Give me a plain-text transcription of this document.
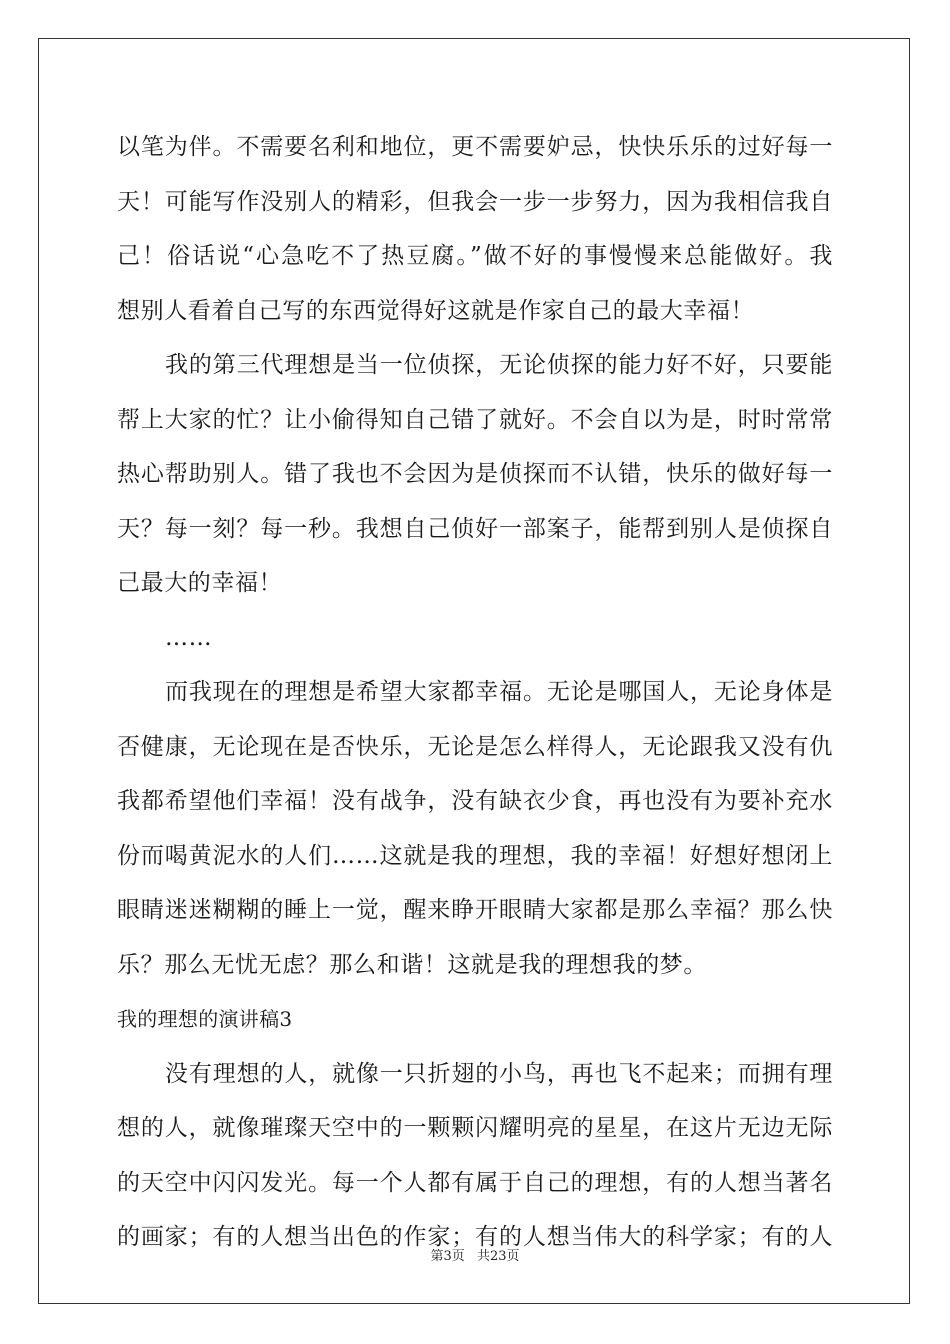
以笔为伴。不需要名利和地位，更不需要妒忌，快快乐乐的过好每一
天！可能写作没别人的精彩，但我会一步一步努力，因为我相信我自
己！俗话说“心急吃不了热豆腐。”做不好的事慢慢来总能做好。我
想别人看着自己写的东西觉得好这就是作家自己的最大幸福！
我的第三代理想是当一位侦探，无论侦探的能力好不好，只要能
帮上大家的忙？让小偷得知自己错了就好。不会自以为是，时时常常
热心帮助别人。错了我也不会因为是侦探而不认错，快乐的做好每一
天？每一刻？每一秒。我想自己侦好一部案子，能帮到别人是侦探自
己最大的幸福！
……
而我现在的理想是希望大家都幸福。无论是哪国人，无论身体是
否健康，无论现在是否快乐，无论是怎么样得人，无论跟我又没有仇
我都希望他们幸福！没有战争，没有缺衣少食，再也没有为要补充水
份而喝黄泥水的人们……这就是我的理想，我的幸福！好想好想闭上
眼睛迷迷糊糊的睡上一觉，醒来睁开眼睛大家都是那么幸福？那么快
乐？那么无忧无虑？那么和谐！这就是我的理想我的梦。
我的理想的演讲稿3
没有理想的人，就像一只折翅的小鸟，再也飞不起来；而拥有理
想的人，就像璀璨天空中的一颗颗闪耀明亮的星星，在这片无边无际
的天空中闪闪发光。每一个人都有属于自己的理想，有的人想当著名
的画家；有的人想当出色的作家；有的人想当伟大的科学家；有的人
第3页 共23页
